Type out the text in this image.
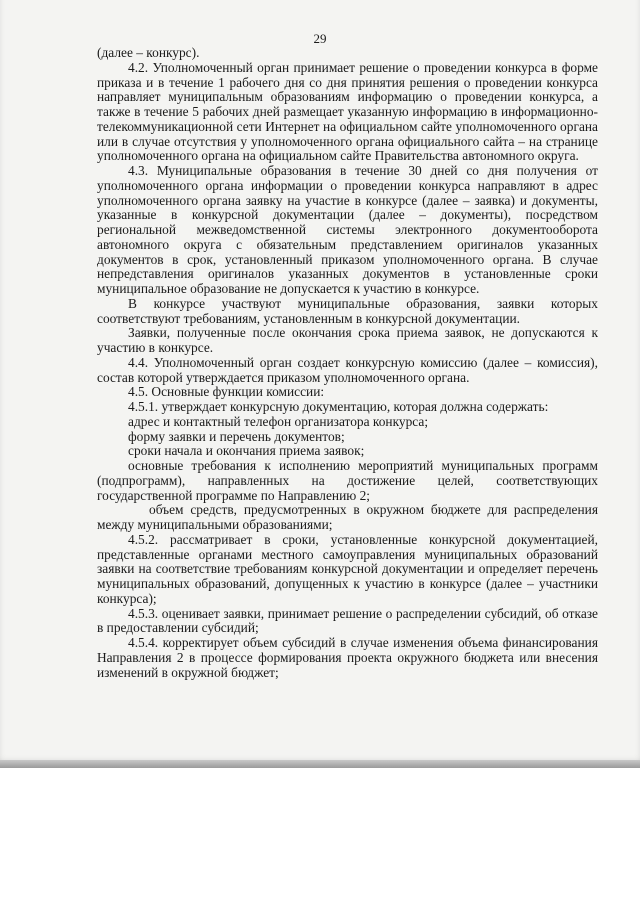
29

(далее – конкурс).

4.2. Уполномоченный орган принимает решение о проведении конкурса в форме приказа и в течение 1 рабочего дня со дня принятия решения о проведении конкурса направляет муниципальным образованиям информацию о проведении конкурса, а также в течение 5 рабочих дней размещает указанную информацию в информационно-телекоммуникационной сети Интернет на официальном сайте уполномоченного органа или в случае отсутствия у уполномоченного органа официального сайта – на странице уполномоченного органа на официальном сайте Правительства автономного округа.

4.3. Муниципальные образования в течение 30 дней со дня получения от уполномоченного органа информации о проведении конкурса направляют в адрес уполномоченного органа заявку на участие в конкурсе (далее – заявка) и документы, указанные в конкурсной документации (далее – документы), посредством региональной межведомственной системы электронного документооборота автономного округа с обязательным представлением оригиналов указанных документов в срок, установленный приказом уполномоченного органа. В случае непредставления оригиналов указанных документов в установленные сроки муниципальное образование не допускается к участию в конкурсе.

В конкурсе участвуют муниципальные образования, заявки которых соответствуют требованиям, установленным в конкурсной документации.

Заявки, полученные после окончания срока приема заявок, не допускаются к участию в конкурсе.

4.4. Уполномоченный орган создает конкурсную комиссию (далее – комиссия), состав которой утверждается приказом уполномоченного органа.

4.5. Основные функции комиссии:

4.5.1. утверждает конкурсную документацию, которая должна содержать:

адрес и контактный телефон организатора конкурса;

форму заявки и перечень документов;

сроки начала и окончания приема заявок;

основные требования к исполнению мероприятий муниципальных программ (подпрограмм), направленных на достижение целей, соответствующих государственной программе по Направлению 2;

объем средств, предусмотренных в окружном бюджете для распределения между муниципальными образованиями;

4.5.2. рассматривает в сроки, установленные конкурсной документацией, представленные органами местного самоуправления муниципальных образований заявки на соответствие требованиям конкурсной документации и определяет перечень муниципальных образований, допущенных к участию в конкурсе (далее – участники конкурса);

4.5.3. оценивает заявки, принимает решение о распределении субсидий, об отказе в предоставлении субсидий;

4.5.4. корректирует объем субсидий в случае изменения объема финансирования Направления 2 в процессе формирования проекта окружного бюджета или внесения изменений в окружной бюджет;
